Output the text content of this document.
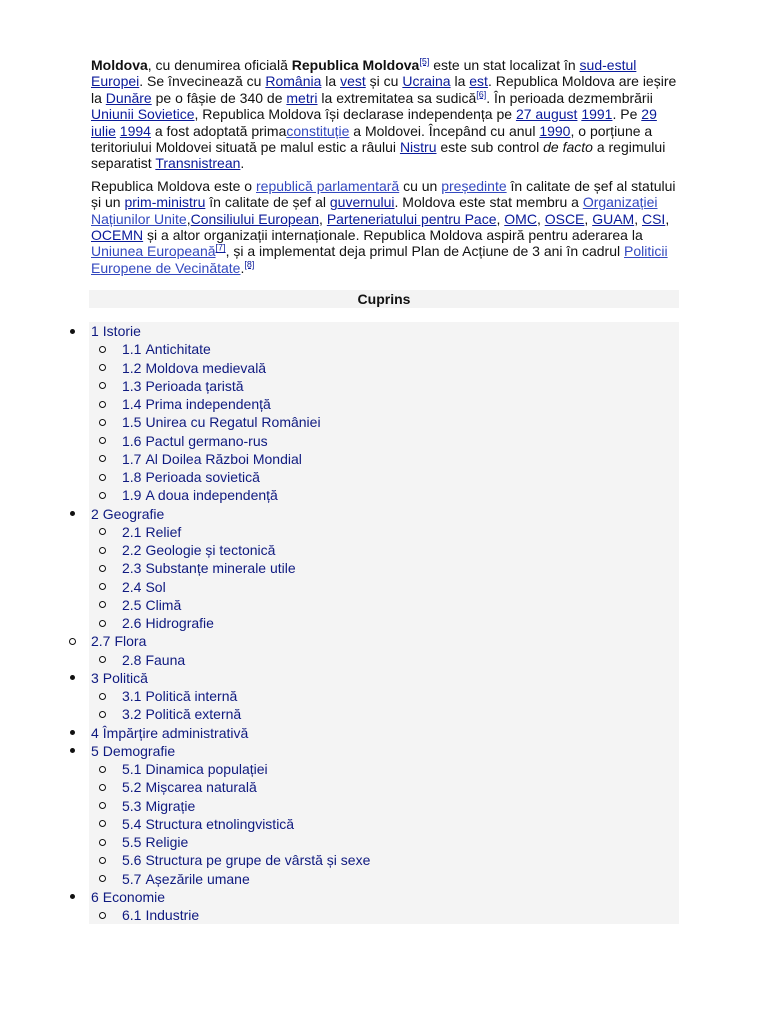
Moldova, cu denumirea oficială Republica Moldova[5] este un stat localizat în sud-estul Europei. Se învecinează cu România la vest și cu Ucraina la est. Republica Moldova are ieșire la Dunăre pe o fâșie de 340 de metri la extremitatea sa sudică[6]. În perioada dezmembrării Uniunii Sovietice, Republica Moldova își declarase independența pe 27 august 1991. Pe 29 iulie 1994 a fost adoptată primaconstituție a Moldovei. Începând cu anul 1990, o porțiune a teritoriului Moldovei situată pe malul estic a râului Nistru este sub control de facto a regimului separatist Transnistrean.

Republica Moldova este o republică parlamentară cu un președinte în calitate de șef al statului și un prim-ministru în calitate de șef al guvernului. Moldova este stat membru a Organizației Națiunilor Unite,Consiliului European, Parteneriatului pentru Pace, OMC, OSCE, GUAM, CSI, OCEMN și a altor organizații internaționale. Republica Moldova aspiră pentru aderarea la Uniunea Europeană[7], și a implementat deja primul Plan de Acțiune de 3 ani în cadrul Politicii Europene de Vecinătate.[8]

Cuprins
1 Istorie
1.1 Antichitate
1.2 Moldova medievală
1.3 Perioada țaristă
1.4 Prima independență
1.5 Unirea cu Regatul României
1.6 Pactul germano-rus
1.7 Al Doilea Război Mondial
1.8 Perioada sovietică
1.9 A doua independență
2 Geografie
2.1 Relief
2.2 Geologie și tectonică
2.3 Substanțe minerale utile
2.4 Sol
2.5 Climă
2.6 Hidrografie
2.7 Flora
2.8 Fauna
3 Politică
3.1 Politică internă
3.2 Politică externă
4 Împărțire administrativă
5 Demografie
5.1 Dinamica populației
5.2 Mișcarea naturală
5.3 Migrație
5.4 Structura etnolingvistică
5.5 Religie
5.6 Structura pe grupe de vârstă și sexe
5.7 Așezările umane
6 Economie
6.1 Industrie
